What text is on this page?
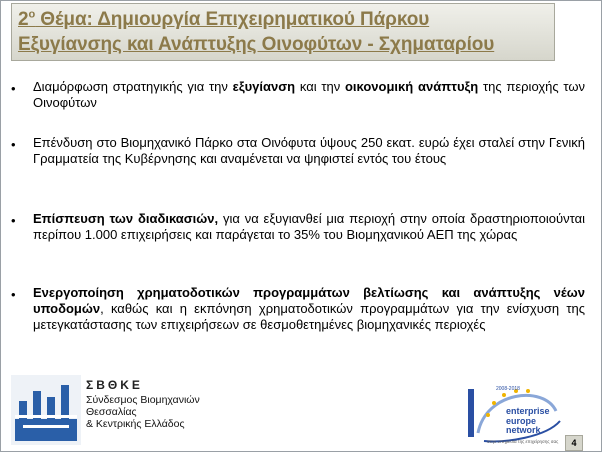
$2^o$ Θέμα: Δημιουργία Επιχειρηματικού Πάρκου
Εξυγίανσης και Ανάπτυξης Οινοφύτων - Σχηματαρίου
• Διαμόρφωση στρατηγικής για την εξυγίανση και την οικονομική ανάπτυξη της περιοχής των Οινοφύτων
• Επένδυση στο Βιομηχανικό Πάρκο στα Οινόφυτα ύψους 250 εκατ. ευρώ έχει σταλεί στην Γενική Γραμματεία της Κυβέρνησης και αναμένεται να ψηφιστεί εντός του έτους
• Επίσπευση των διαδικασιών, για να εξυγιανθεί μια περιοχή στην οποία δραστηριοποιούνται περίπου 1.000 επιχειρήσεις και παράγεται το 35% του Βιομηχανικού ΑΕΠ της χώρας
• Ενεργοποίηση χρηματοδοτικών προγραμμάτων βελτίωσης και ανάπτυξης νέων υποδομών, καθώς και η εκπόνηση χρηματοδοτικών προγραμμάτων για την ενίσχυση της μετεγκατάστασης των επιχειρήσεων σε θεσμοθετημένες βιομηχανικές περιοχές
ΣΒΘΚΕ
Σύνδεσμος Βιομηχανιών
Θεσσαλίας
& Κεντρικής Ελλάδος
2008-2018
enterprise
europe
network
στην υπηρεσία της επιχείρησης σας	4
